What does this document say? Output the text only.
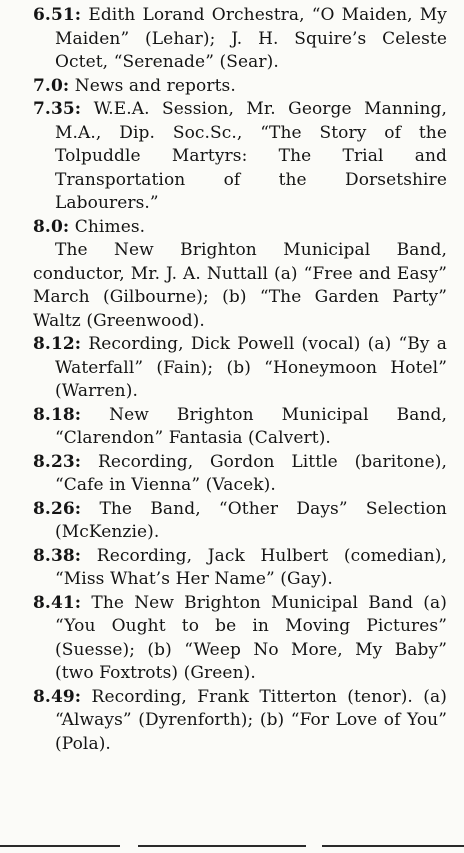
6.51: Edith Lorand Orchestra, “O Maiden, My Maiden” (Lehar); J. H. Squire’s Celeste Octet, “Serenade” (Sear).

7.0: News and reports.

7.35: W.E.A. Session, Mr. George Manning, M.A., Dip. Soc.Sc., “The Story of the Tolpuddle Martyrs: The Trial and Transportation of the Dorsetshire Labourers.”

8.0: Chimes.

The New Brighton Municipal Band, conductor, Mr. J. A. Nuttall (a) “Free and Easy” March (Gilbourne); (b) “The Garden Party” Waltz (Greenwood).

8.12: Recording, Dick Powell (vocal) (a) “By a Waterfall” (Fain); (b) “Honeymoon Hotel” (Warren).

8.18: New Brighton Municipal Band, “Clarendon” Fantasia (Calvert).

8.23: Recording, Gordon Little (baritone), “Cafe in Vienna” (Vacek).

8.26: The Band, “Other Days” Selection (McKenzie).

8.38: Recording, Jack Hulbert (comedian), “Miss What’s Her Name” (Gay).

8.41: The New Brighton Municipal Band (a) “You Ought to be in Moving Pictures” (Suesse); (b) “Weep No More, My Baby” (two Foxtrots) (Green).

8.49: Recording, Frank Titterton (tenor). (a) “Always” (Dyrenforth); (b) “For Love of You” (Pola).
